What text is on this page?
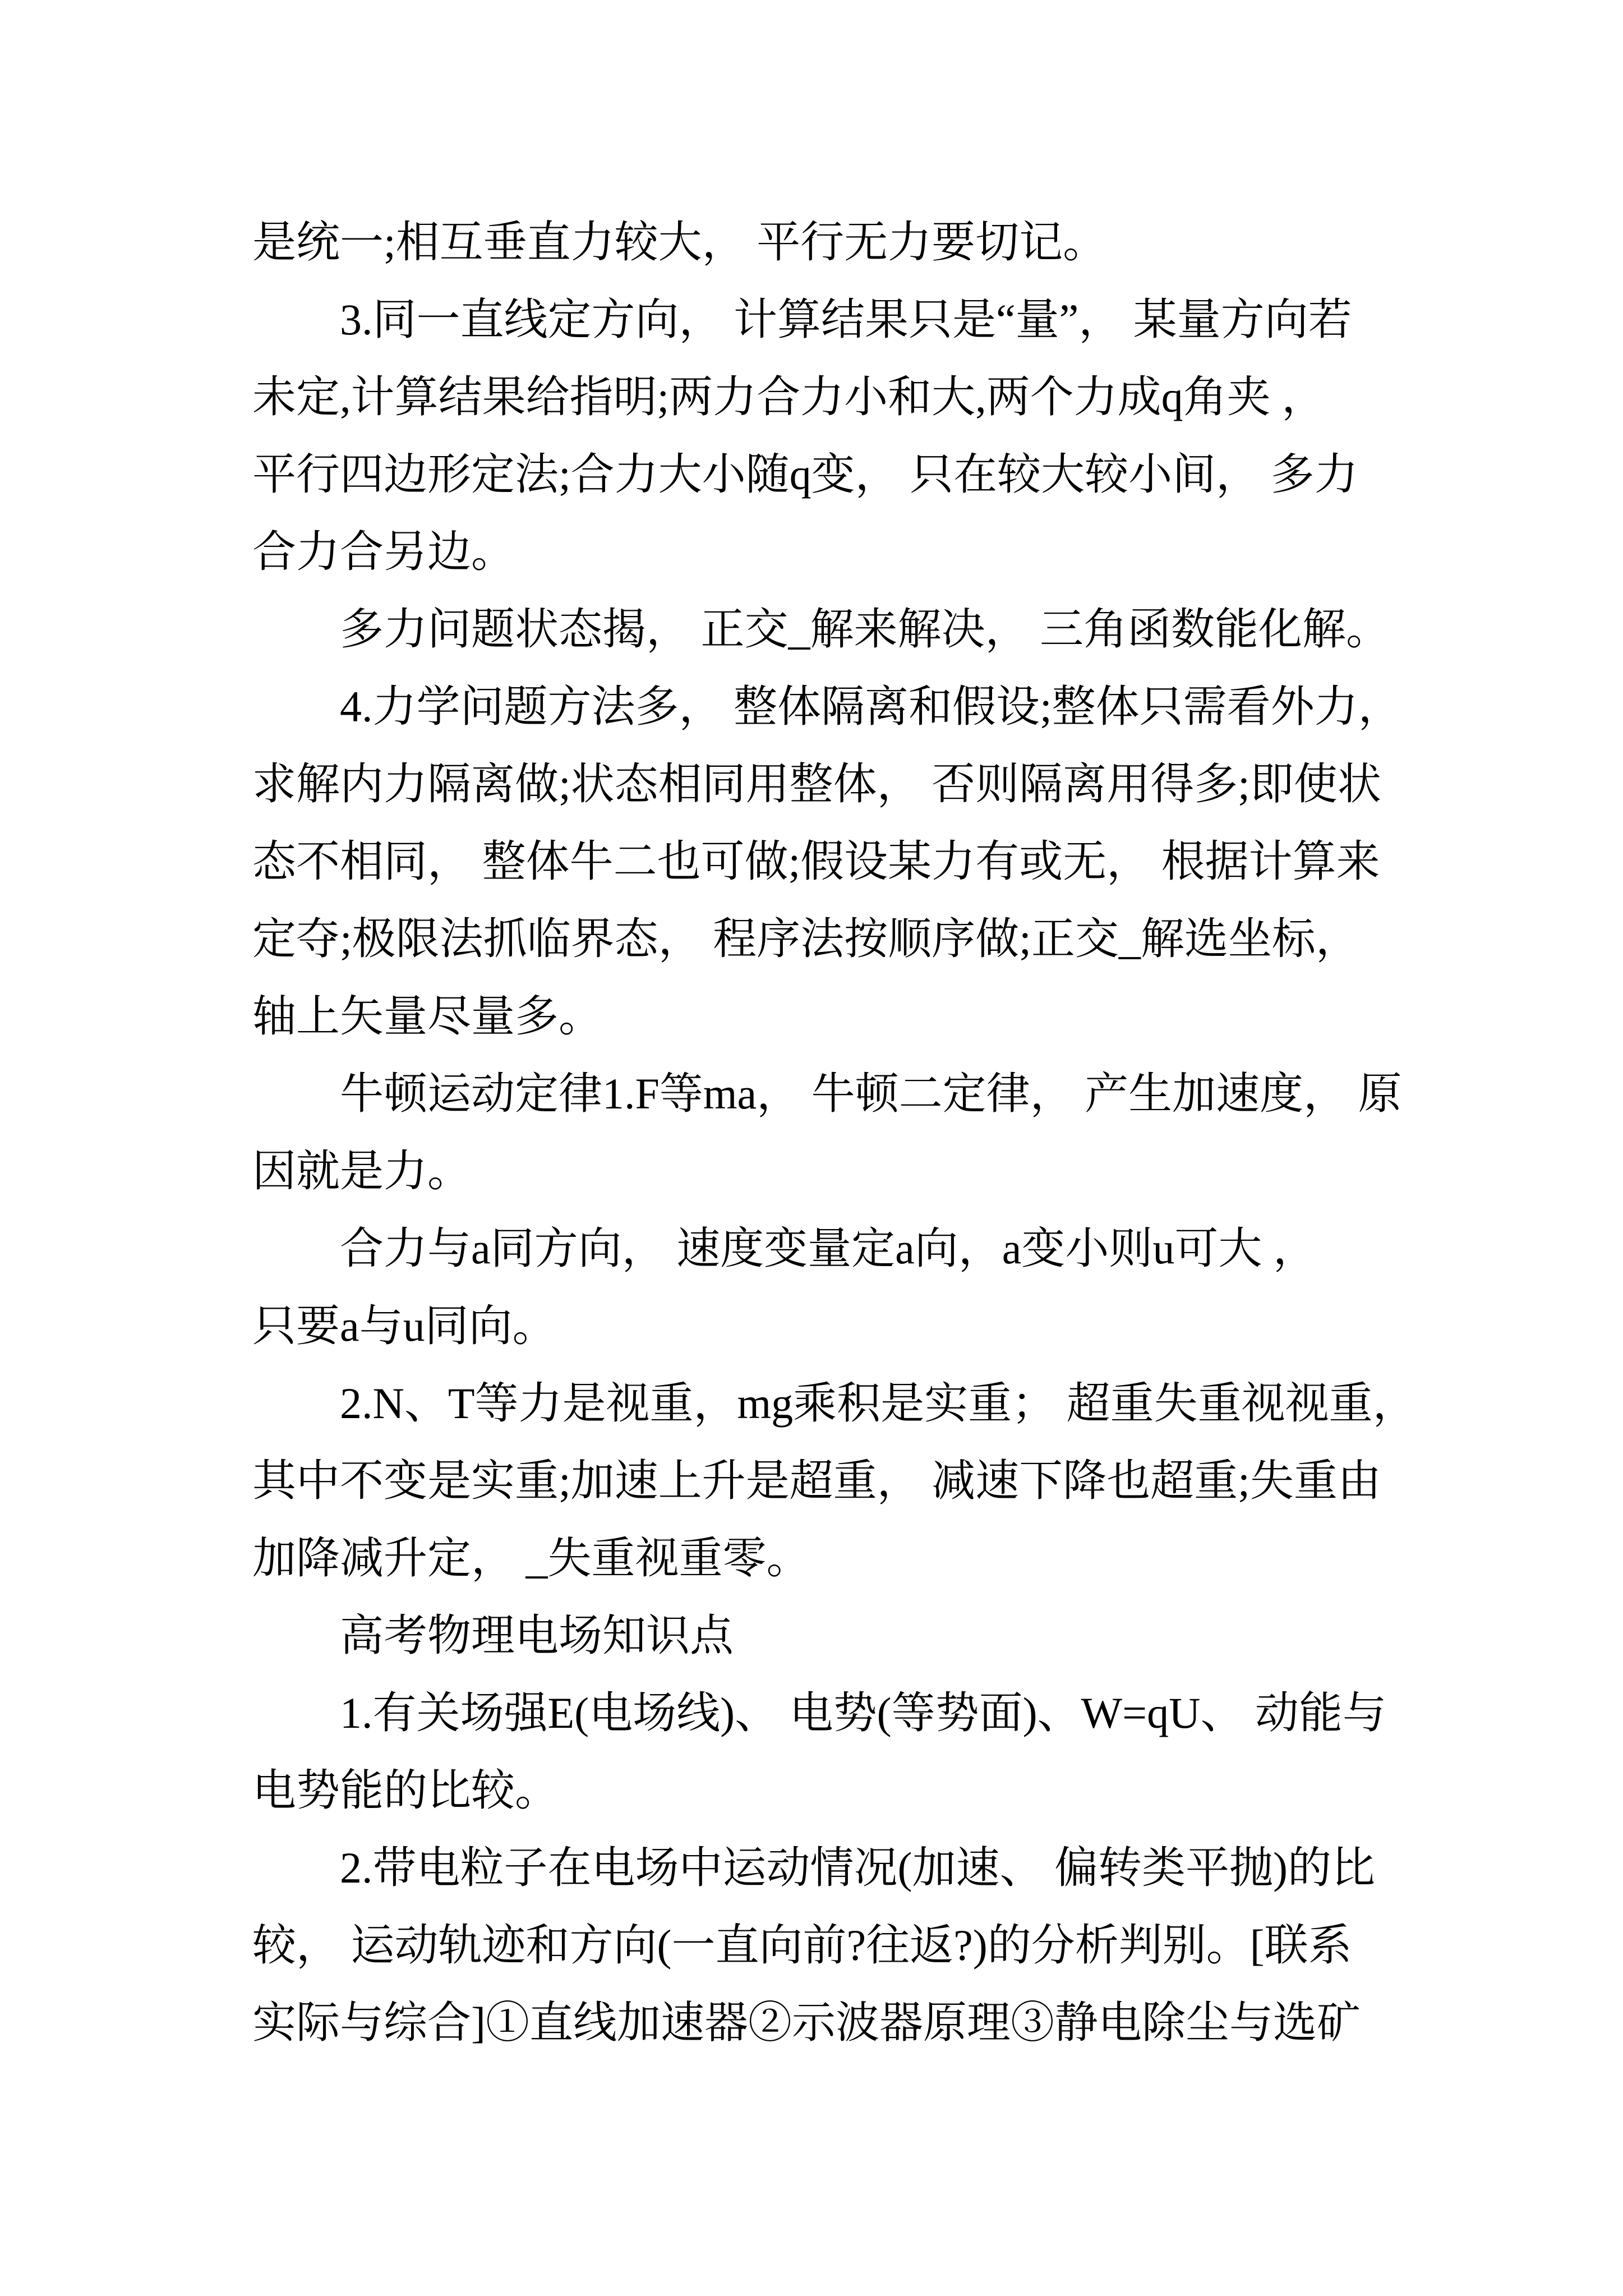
是统一;相互垂直力较大， 平行无力要切记。
3.同一直线定方向， 计算结果只是“量”， 某量方向若
未定,计算结果给指明;两力合力小和大,两个力成q角夹 ，
平行四边形定法;合力大小随q变， 只在较大较小间， 多力
合力合另边。
多力问题状态揭， 正交_解来解决， 三角函数能化解。
4.力学问题方法多， 整体隔离和假设;整体只需看外力，
求解内力隔离做;状态相同用整体， 否则隔离用得多;即使状
态不相同， 整体牛二也可做;假设某力有或无， 根据计算来
定夺;极限法抓临界态， 程序法按顺序做;正交_解选坐标，
轴上矢量尽量多。
牛顿运动定律1.F等ma， 牛顿二定律， 产生加速度， 原
因就是力。
合力与a同方向， 速度变量定a向，a变小则u可大 ，
只要a与u同向。
2.N、T等力是视重，mg乘积是实重； 超重失重视视重，
其中不变是实重;加速上升是超重， 减速下降也超重;失重由
加降减升定， _失重视重零。
高考物理电场知识点
1.有关场强E(电场线)、 电势(等势面)、W=qU、 动能与
电势能的比较。
2.带电粒子在电场中运动情况(加速、 偏转类平抛)的比
较， 运动轨迹和方向(一直向前?往返?)的分析判别。[联系
实际与综合]①直线加速器②示波器原理③静电除尘与选矿
